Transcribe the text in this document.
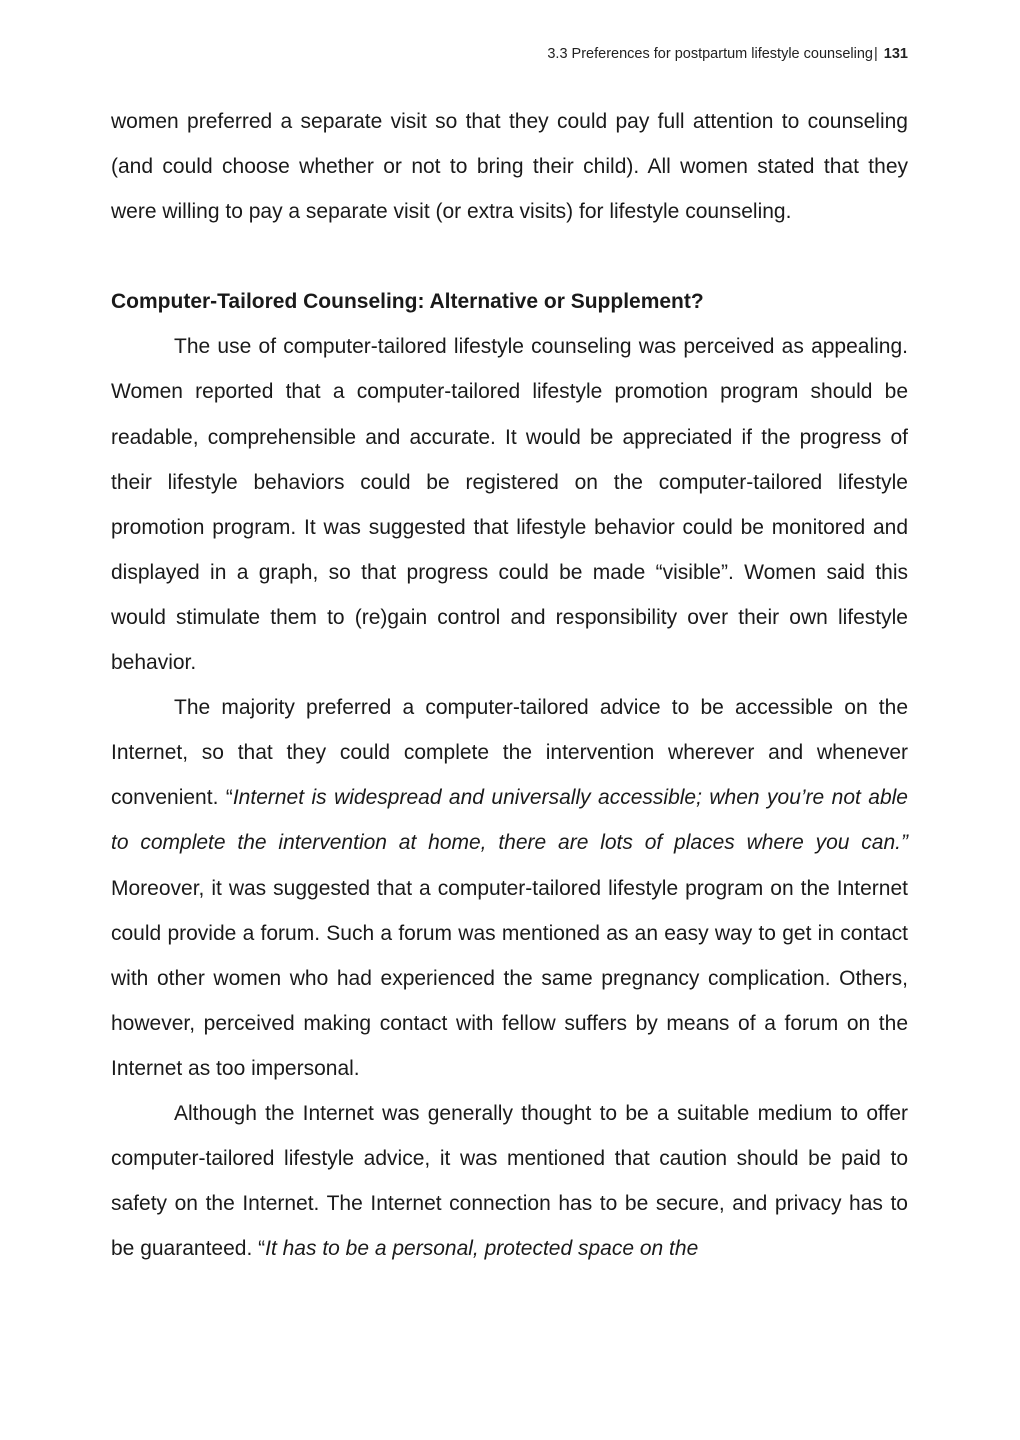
3.3 Preferences for postpartum lifestyle counseling| 131

women preferred a separate visit so that they could pay full attention to counseling (and could choose whether or not to bring their child). All women stated that they were willing to pay a separate visit (or extra visits) for lifestyle counseling.

Computer-Tailored Counseling: Alternative or Supplement?

The use of computer-tailored lifestyle counseling was perceived as appealing. Women reported that a computer-tailored lifestyle promotion program should be readable, comprehensible and accurate. It would be appreciated if the progress of their lifestyle behaviors could be registered on the computer-tailored lifestyle promotion program. It was suggested that lifestyle behavior could be monitored and displayed in a graph, so that progress could be made “visible”. Women said this would stimulate them to (re)gain control and responsibility over their own lifestyle behavior.

The majority preferred a computer-tailored advice to be accessible on the Internet, so that they could complete the intervention wherever and whenever convenient. “Internet is widespread and universally accessible; when you’re not able to complete the intervention at home, there are lots of places where you can.” Moreover, it was suggested that a computer-tailored lifestyle program on the Internet could provide a forum. Such a forum was mentioned as an easy way to get in contact with other women who had experienced the same pregnancy complication. Others, however, perceived making contact with fellow suffers by means of a forum on the Internet as too impersonal.

Although the Internet was generally thought to be a suitable medium to offer computer-tailored lifestyle advice, it was mentioned that caution should be paid to safety on the Internet. The Internet connection has to be secure, and privacy has to be guaranteed. “It has to be a personal, protected space on the
